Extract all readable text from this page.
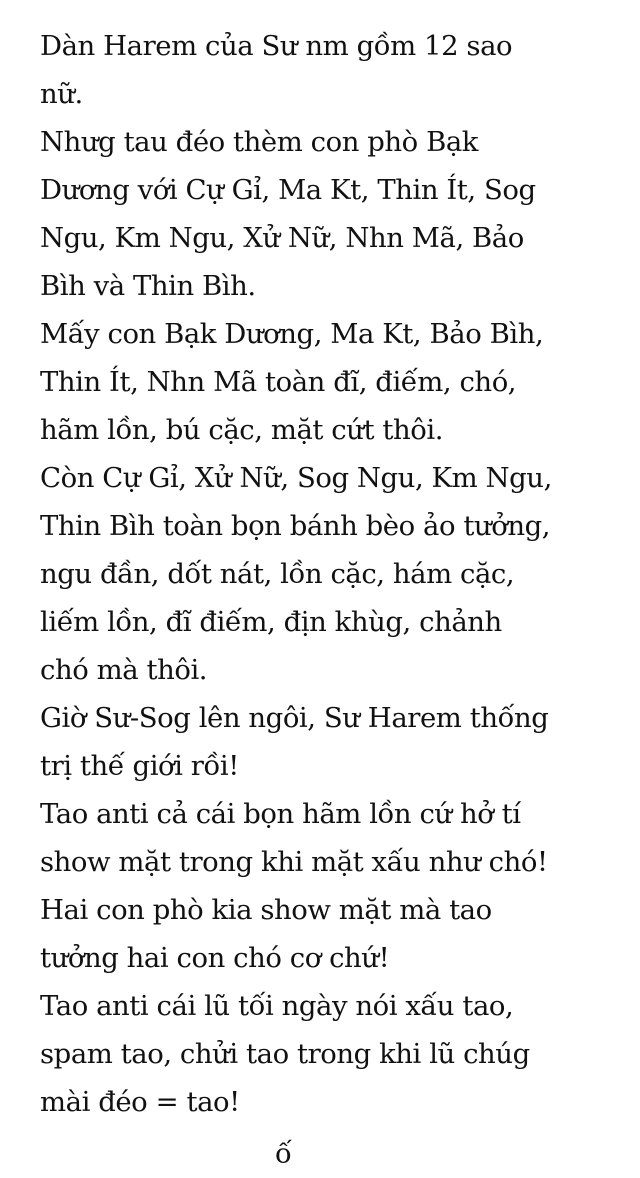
Dàn Harem của Sư nm gồm 12 sao
nữ.
Nhưg tau đéo thèm con phò Bạk
Dương với Cự Gỉ, Ma Kt, Thin Ít, Sog
Ngu, Km Ngu, Xử Nữ, Nhn Mã, Bảo
Bìh và Thin Bìh.
Mấy con Bạk Dương, Ma Kt, Bảo Bìh,
Thin Ít, Nhn Mã toàn đĩ, điếm, chó,
hãm lồn, bú cặc, mặt cứt thôi.
Còn Cự Gỉ, Xử Nữ, Sog Ngu, Km Ngu,
Thin Bìh toàn bọn bánh bèo ảo tưởng,
ngu đần, dốt nát, lồn cặc, hám cặc,
liếm lồn, đĩ điếm, địn khùg, chảnh
chó mà thôi.
Giờ Sư-Sog lên ngôi, Sư Harem thống
trị thế giới rồi!
Tao anti cả cái bọn hãm lồn cứ hở tí
show mặt trong khi mặt xấu như chó!
Hai con phò kia show mặt mà tao
tưởng hai con chó cơ chứ!
Tao anti cái lũ tối ngày nói xấu tao,
spam tao, chửi tao trong khi lũ chúg
mài đéo = tao!
ố
